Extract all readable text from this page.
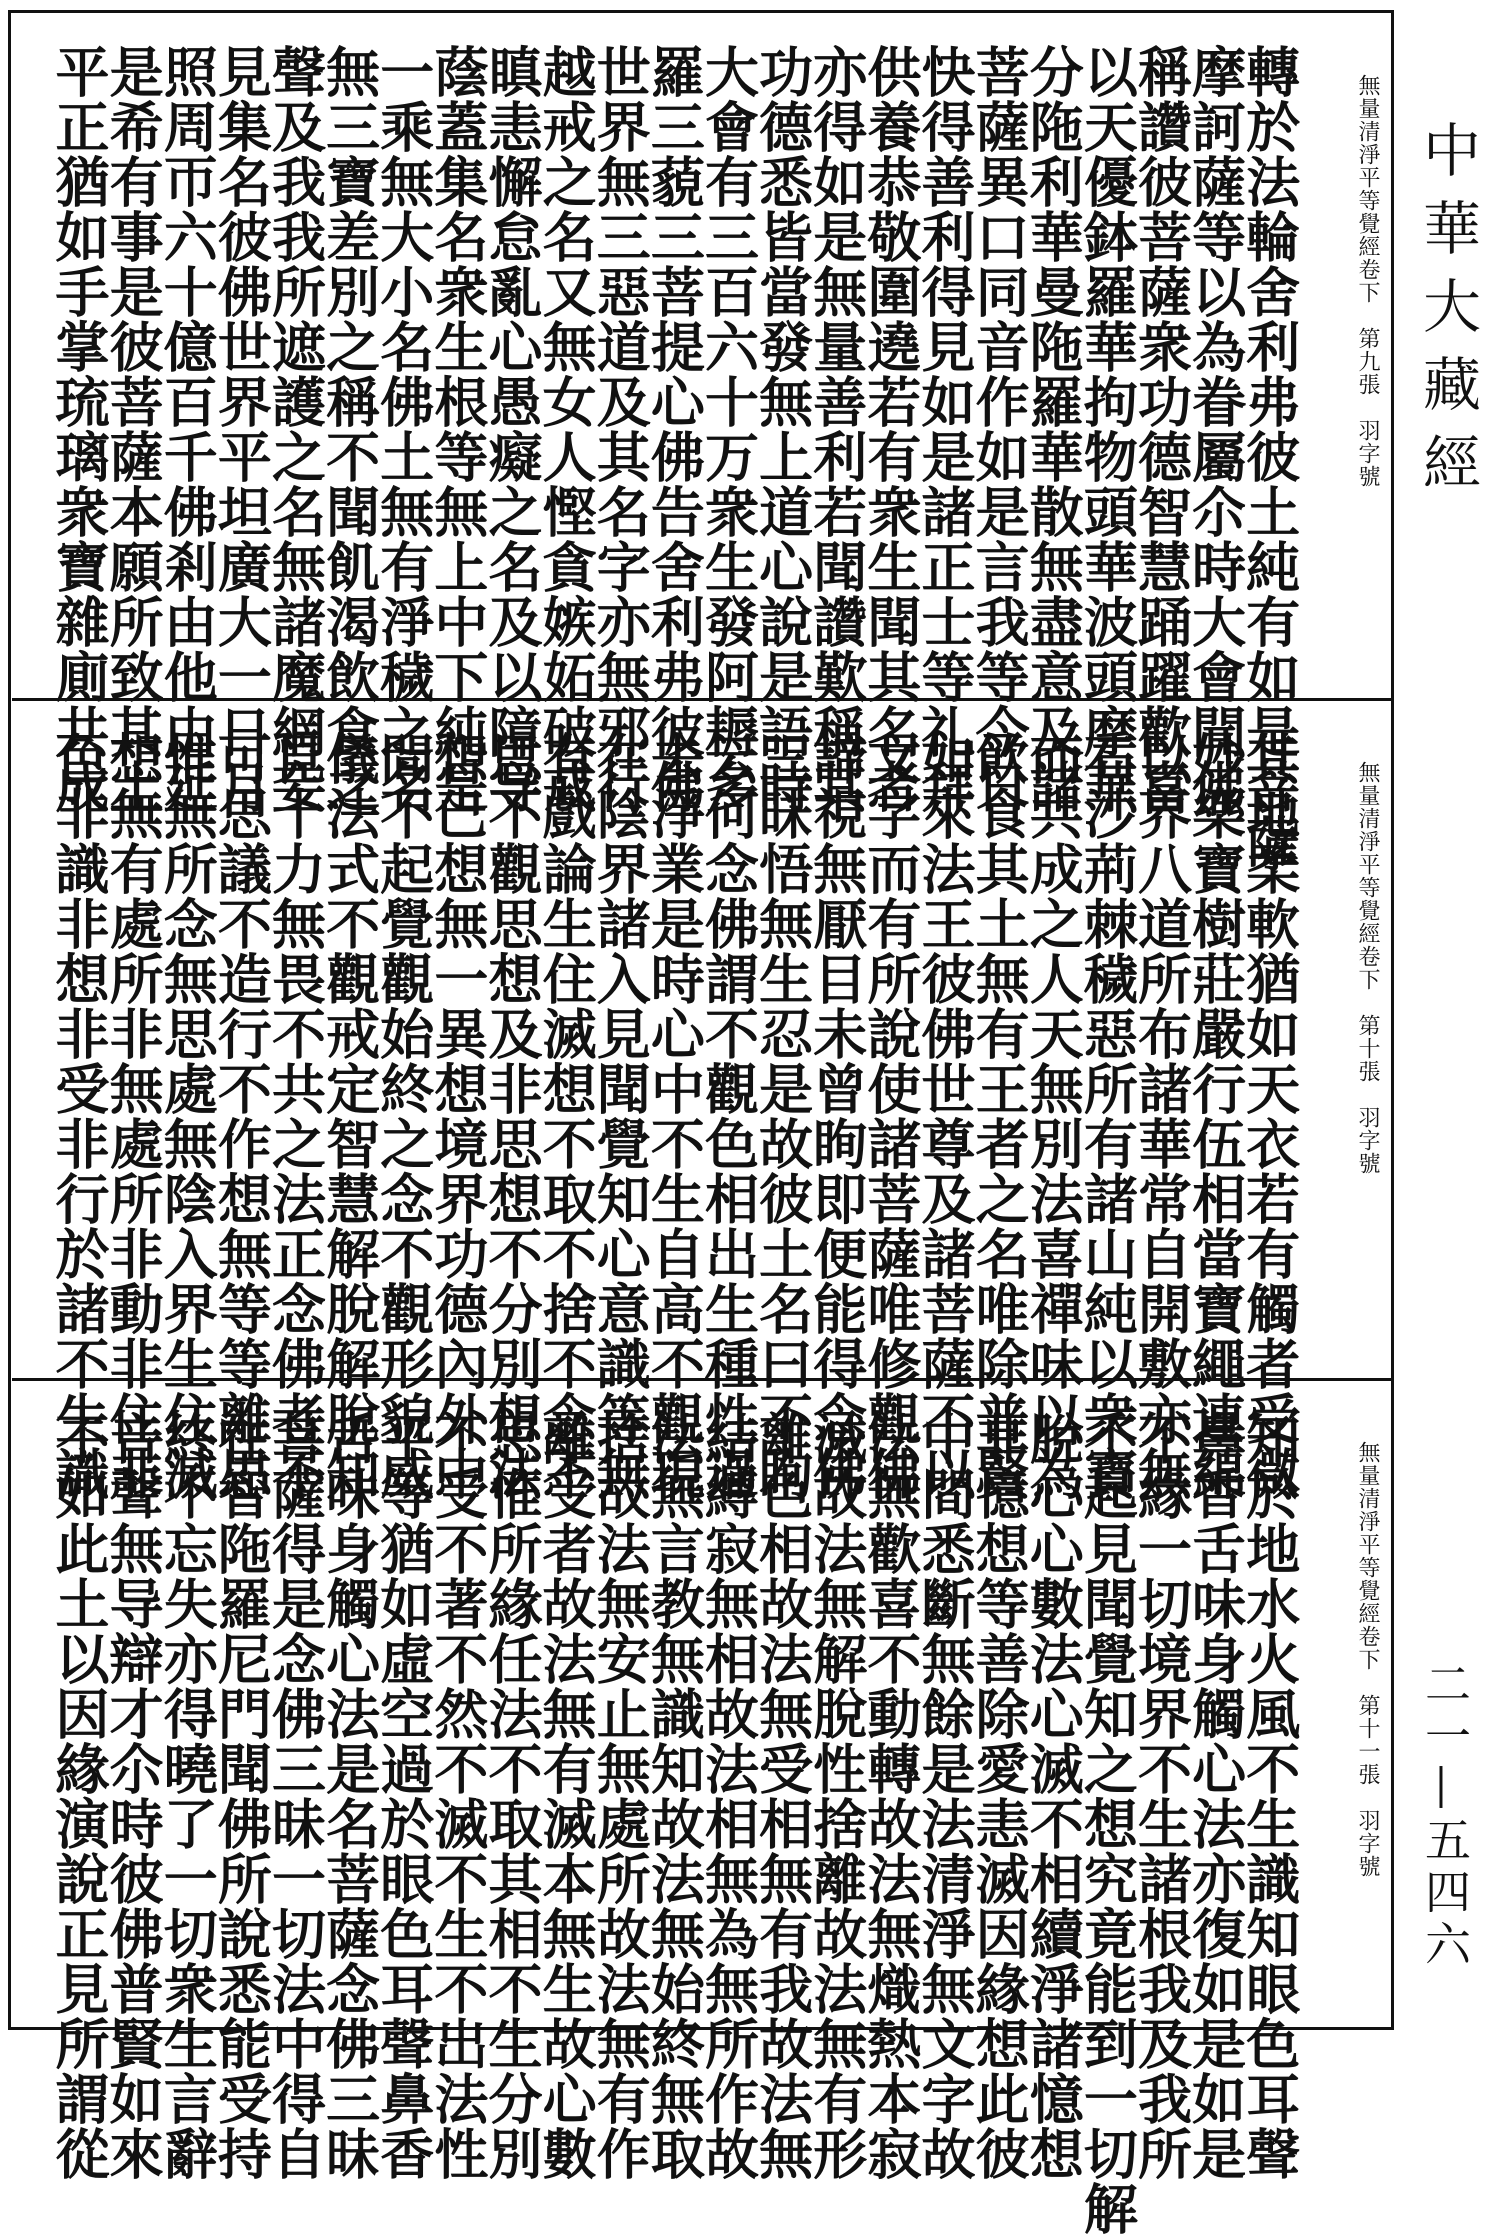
無量清淨平等覺經卷下　第九張　羽字號
轉於法輪舍利弗彼土純有如是菩薩
摩訶薩等以為眷屬尒時大會聞佛
稱讚彼菩薩衆功德智慧踊躍歡喜
以天優鉢羅華拘物頭華波頭摩華
分陁利華曼陁羅華散無盡意及諸
菩薩異口同音作如是言我等今日
快得善利得見如是諸正士等礼拜
供養恭敬圍遶若有衆生聞其名者
亦得如是無量善利若聞讚歎稱其
功德悉皆當發無上道心說是語時
大會有三百六十万衆生發阿耨多
羅三藐三菩提心佛告舍利弗彼佛
世界無三惡道及其名字亦無邪行
越戒之名又無女人慳貪嫉妬破戒
瞋恚懈怠亂心愚癡之名及以障导
蔭蓋集名衆生根等無上中下純是
一乘無大小名佛土無有淨穢之名
無三寶差別之稱不聞飢渴飲食之
聲及我我所遮護之名無諸魔網妄
見集名彼佛世界平坦廣大一日月
照周帀六十億百千佛剎由他由延
是希有事是彼菩薩本願所致其土
平正猶如手掌琉璃衆寶雜廁共成
無量清淨平等覺經卷下　第十張　羽字號
其地柔軟猶如天衣若有觸者受微
妙樂寶樹莊嚴行伍相當寶繩連綿
以界八道所布諸華常自開敷亦無
石沙荊棘穢惡所有諸山純以衆寶
而共成之人天無別法喜禪味以為
飲食其土無有王者之名唯除普賢
如來法王彼佛世尊及諸菩薩不以
文字而有所說使諸菩薩唯修觀佛
諦視無厭目未曾眴即便能得念佛
三昧悟無生忍是故彼土名曰不眴
云何念佛謂不觀色相出生種性過
去淨業是時心中不生自高不觀現
在陰界諸入見聞覺知心意識等無
有戲論生住滅想不取不捨不念不
思不觀思想及非思想不分別想法
想已想無一異想境界功德內外中
間不起覺觀始終之念不觀形貌威
儀法式不觀戒定智慧解脫解脫知
見十力無畏不共之法正念佛者不
可思議不造行不作想無等等離思
惟無所念無思處無陰入界生住滅
想無有處所非無處所非動非住非
色非識非想非受非行於諸不生識
無量清淨平等覺經卷下　第十一張　羽字號
知於地水火風不生識知眼色耳聲
鼻香舌味身觸心法亦復如是如是
不緣一切境界不生諸根我及我所
不起見聞覺知之想究竟能到一切解
脫心心數法心滅不相續淨諸憶想
非憶想等善除愛恚滅因緣想此彼
中間悉斷無餘是法清淨無文字故
法無歡喜不動轉故法無熾熱本寂
滅故法無解脫性捨離故法無有形
離色相故法無受相無有我故法無
結縛寂無相故法相無為無所作故
法無言教無識知故法無始終無取
捨故法無安止無處所故法無有作
離受者故法無有滅本無生故心數
思惟所緣任法不取其相不生分別
不受不著不然不滅不生不出法性
平等猶如虛空過於眼色耳聲鼻香
舌味身觸心法是名菩薩念佛三昧
菩薩得是念佛三昧一切法中得自
在智陁羅尼門聞佛所說悉能受持
終不忘失亦得曉了一切衆生言辭
音聲無导辯才尒時彼佛普賢如來
不如此土以因緣演說正見所謂從
中華大藏經
二一—五四六
